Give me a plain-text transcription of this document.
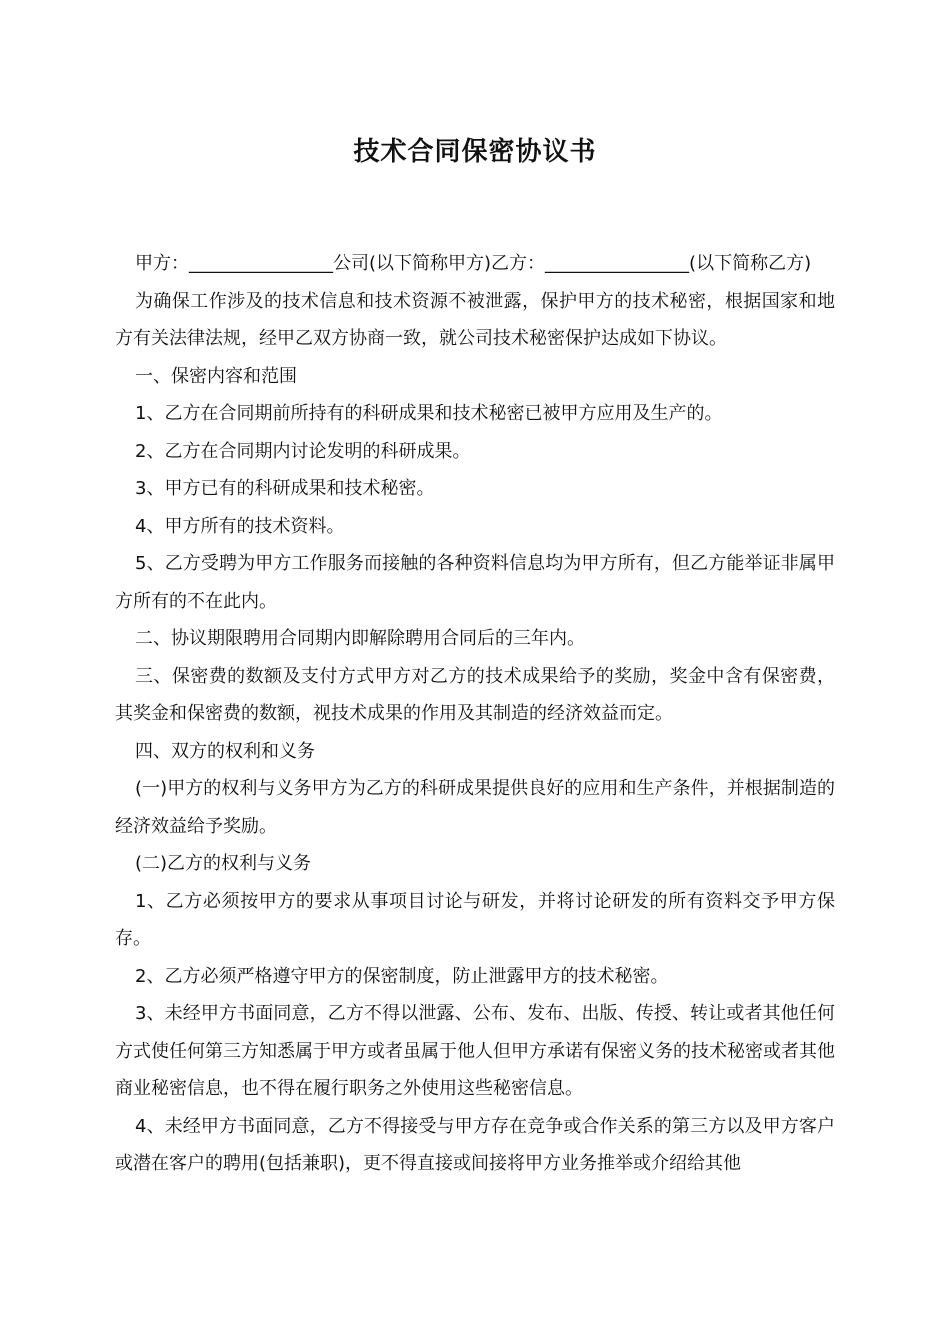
技术合同保密协议书

甲方：________________公司(以下简称甲方)乙方：________________(以下简称乙方)

为确保工作涉及的技术信息和技术资源不被泄露，保护甲方的技术秘密，根据国家和地方有关法律法规，经甲乙双方协商一致，就公司技术秘密保护达成如下协议。

一、保密内容和范围

1、乙方在合同期前所持有的科研成果和技术秘密已被甲方应用及生产的。

2、乙方在合同期内讨论发明的科研成果。

3、甲方已有的科研成果和技术秘密。

4、甲方所有的技术资料。

5、乙方受聘为甲方工作服务而接触的各种资料信息均为甲方所有，但乙方能举证非属甲方所有的不在此内。

二、协议期限聘用合同期内即解除聘用合同后的三年内。

三、保密费的数额及支付方式甲方对乙方的技术成果给予的奖励，奖金中含有保密费，其奖金和保密费的数额，视技术成果的作用及其制造的经济效益而定。

四、双方的权利和义务

(一)甲方的权利与义务甲方为乙方的科研成果提供良好的应用和生产条件，并根据制造的经济效益给予奖励。

(二)乙方的权利与义务

1、乙方必须按甲方的要求从事项目讨论与研发，并将讨论研发的所有资料交予甲方保存。

2、乙方必须严格遵守甲方的保密制度，防止泄露甲方的技术秘密。

3、未经甲方书面同意，乙方不得以泄露、公布、发布、出版、传授、转让或者其他任何方式使任何第三方知悉属于甲方或者虽属于他人但甲方承诺有保密义务的技术秘密或者其他商业秘密信息，也不得在履行职务之外使用这些秘密信息。

4、未经甲方书面同意，乙方不得接受与甲方存在竞争或合作关系的第三方以及甲方客户或潜在客户的聘用(包括兼职)，更不得直接或间接将甲方业务推举或介绍给其他
